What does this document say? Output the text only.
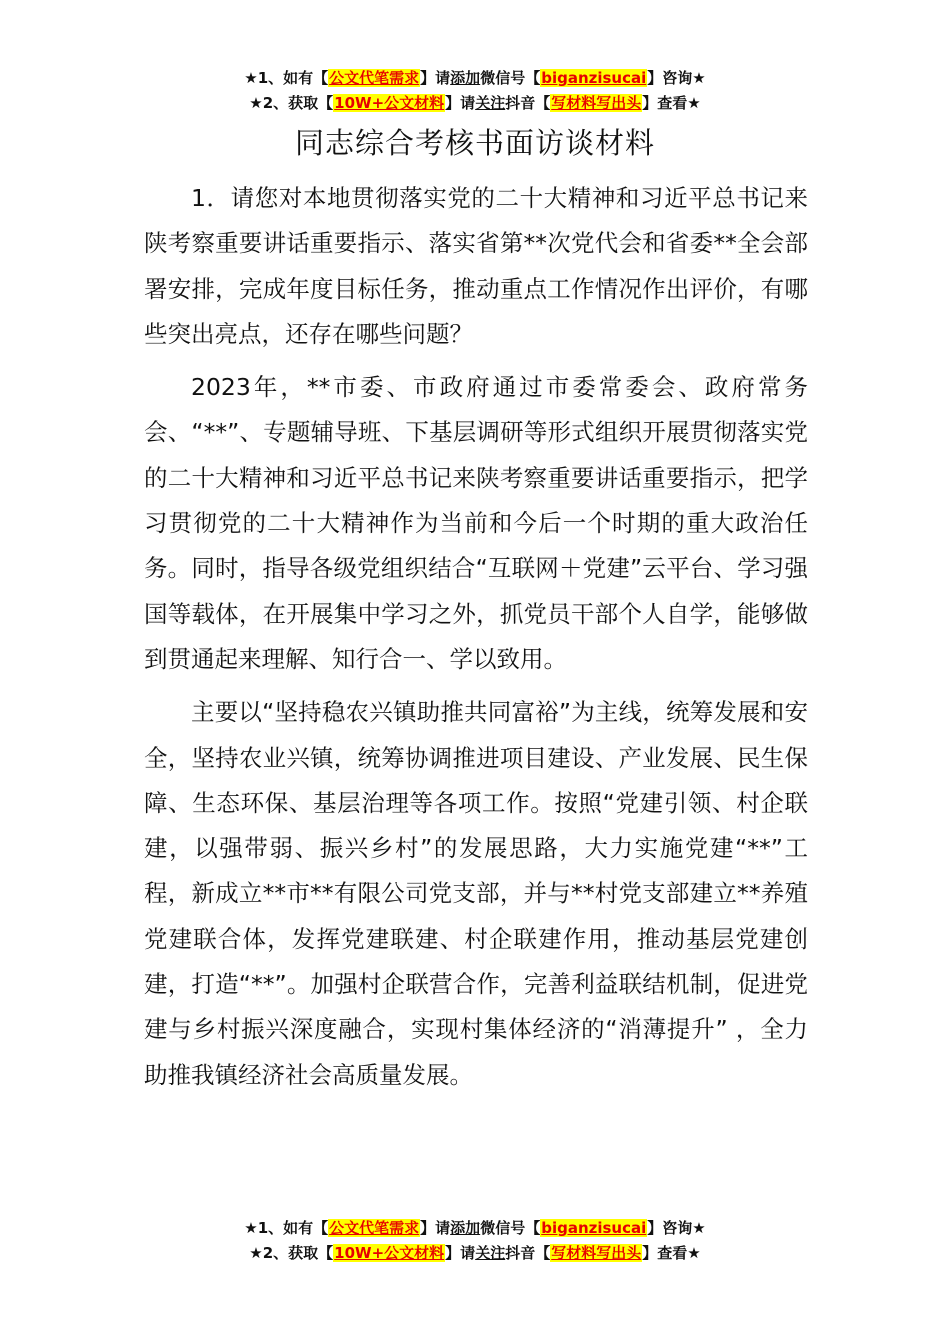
★1、如有【公文代笔需求】请添加微信号【biganzisucai】咨询★
★2、获取【10W+公文材料】请关注抖音【写材料写出头】查看★
同志综合考核书面访谈材料

1．请您对本地贯彻落实党的二十大精神和习近平总书记来陕考察重要讲话重要指示、落实省第**次党代会和省委**全会部署安排，完成年度目标任务，推动重点工作情况作出评价，有哪些突出亮点，还存在哪些问题？

2023年，**市委、市政府通过市委常委会、政府常务会、“**”、专题辅导班、下基层调研等形式组织开展贯彻落实党的二十大精神和习近平总书记来陕考察重要讲话重要指示，把学习贯彻党的二十大精神作为当前和今后一个时期的重大政治任务。同时，指导各级党组织结合“互联网＋党建”云平台、学习强国等载体，在开展集中学习之外，抓党员干部个人自学，能够做到贯通起来理解、知行合一、学以致用。

主要以“坚持稳农兴镇助推共同富裕”为主线，统筹发展和安全，坚持农业兴镇，统筹协调推进项目建设、产业发展、民生保障、生态环保、基层治理等各项工作。按照“党建引领、村企联建，以强带弱、振兴乡村”的发展思路，大力实施党建“**”工程，新成立**市**有限公司党支部，并与**村党支部建立**养殖党建联合体，发挥党建联建、村企联建作用，推动基层党建创建，打造“**”。加强村企联营合作，完善利益联结机制，促进党建与乡村振兴深度融合，实现村集体经济的“消薄提升” ，全力助推我镇经济社会高质量发展。

★1、如有【公文代笔需求】请添加微信号【biganzisucai】咨询★
★2、获取【10W+公文材料】请关注抖音【写材料写出头】查看★
